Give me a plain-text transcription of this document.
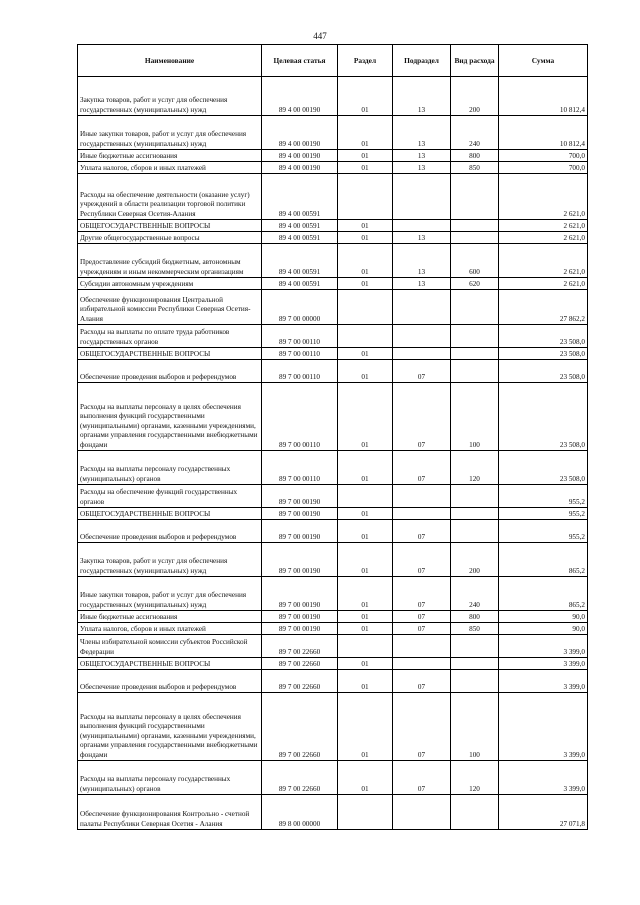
447
Наименование	Целевая статья	Раздел	Подраздел	Вид расхода	Сумма
Закупка товаров, работ и услуг для обеспечения государственных (муниципальных) нужд	89 4 00 00190	01	13	200	10 812,4
Иные закупки товаров, работ и услуг для обеспечения государственных (муниципальных) нужд	89 4 00 00190	01	13	240	10 812,4
Иные бюджетные ассигнования	89 4 00 00190	01	13	800	700,0
Уплата налогов, сборов и иных платежей	89 4 00 00190	01	13	850	700,0
Расходы на обеспечение деятельности (оказание услуг) учреждений в области реализации торговой политики Республики Северная Осетия-Алания	89 4 00 00591				2 621,0
ОБЩЕГОСУДАРСТВЕННЫЕ ВОПРОСЫ	89 4 00 00591	01			2 621,0
Другие общегосударственные вопросы	89 4 00 00591	01	13		2 621,0
Предоставление субсидий бюджетным, автономным учреждениям и иным некоммерческим организациям	89 4 00 00591	01	13	600	2 621,0
Субсидии автономным учреждениям	89 4 00 00591	01	13	620	2 621,0
Обеспечение функционирования Центральной избирательной комиссии Республики Северная Осетия-Алания	89 7 00 00000				27 862,2
Расходы на выплаты по оплате труда работников государственных органов	89 7 00 00110				23 508,0
ОБЩЕГОСУДАРСТВЕННЫЕ ВОПРОСЫ	89 7 00 00110	01			23 508,0
Обеспечение проведения выборов и референдумов	89 7 00 00110	01	07		23 508,0
Расходы на выплаты персоналу в целях обеспечения выполнения функций государственными (муниципальными) органами, казенными учреждениями, органами управления государственными внебюджетными фондами	89 7 00 00110	01	07	100	23 508,0
Расходы на выплаты персоналу государственных (муниципальных) органов	89 7 00 00110	01	07	120	23 508,0
Расходы на обеспечение функций государственных органов	89 7 00 00190				955,2
ОБЩЕГОСУДАРСТВЕННЫЕ ВОПРОСЫ	89 7 00 00190	01			955,2
Обеспечение проведения выборов и референдумов	89 7 00 00190	01	07		955,2
Закупка товаров, работ и услуг для обеспечения государственных (муниципальных) нужд	89 7 00 00190	01	07	200	865,2
Иные закупки товаров, работ и услуг для обеспечения государственных (муниципальных) нужд	89 7 00 00190	01	07	240	865,2
Иные бюджетные ассигнования	89 7 00 00190	01	07	800	90,0
Уплата налогов, сборов и иных платежей	89 7 00 00190	01	07	850	90,0
Члены избирательной комиссии субъектов Российской Федерации	89 7 00 22660				3 399,0
ОБЩЕГОСУДАРСТВЕННЫЕ ВОПРОСЫ	89 7 00 22660	01			3 399,0
Обеспечение проведения выборов и референдумов	89 7 00 22660	01	07		3 399,0
Расходы на выплаты персоналу в целях обеспечения выполнения функций государственными (муниципальными) органами, казенными учреждениями, органами управления государственными внебюджетными фондами	89 7 00 22660	01	07	100	3 399,0
Расходы на выплаты персоналу государственных (муниципальных) органов	89 7 00 22660	01	07	120	3 399,0
Обеспечение функционирования Контрольно - счетной палаты Республики Северная Осетия - Алания	89 8 00 00000				27 071,8
